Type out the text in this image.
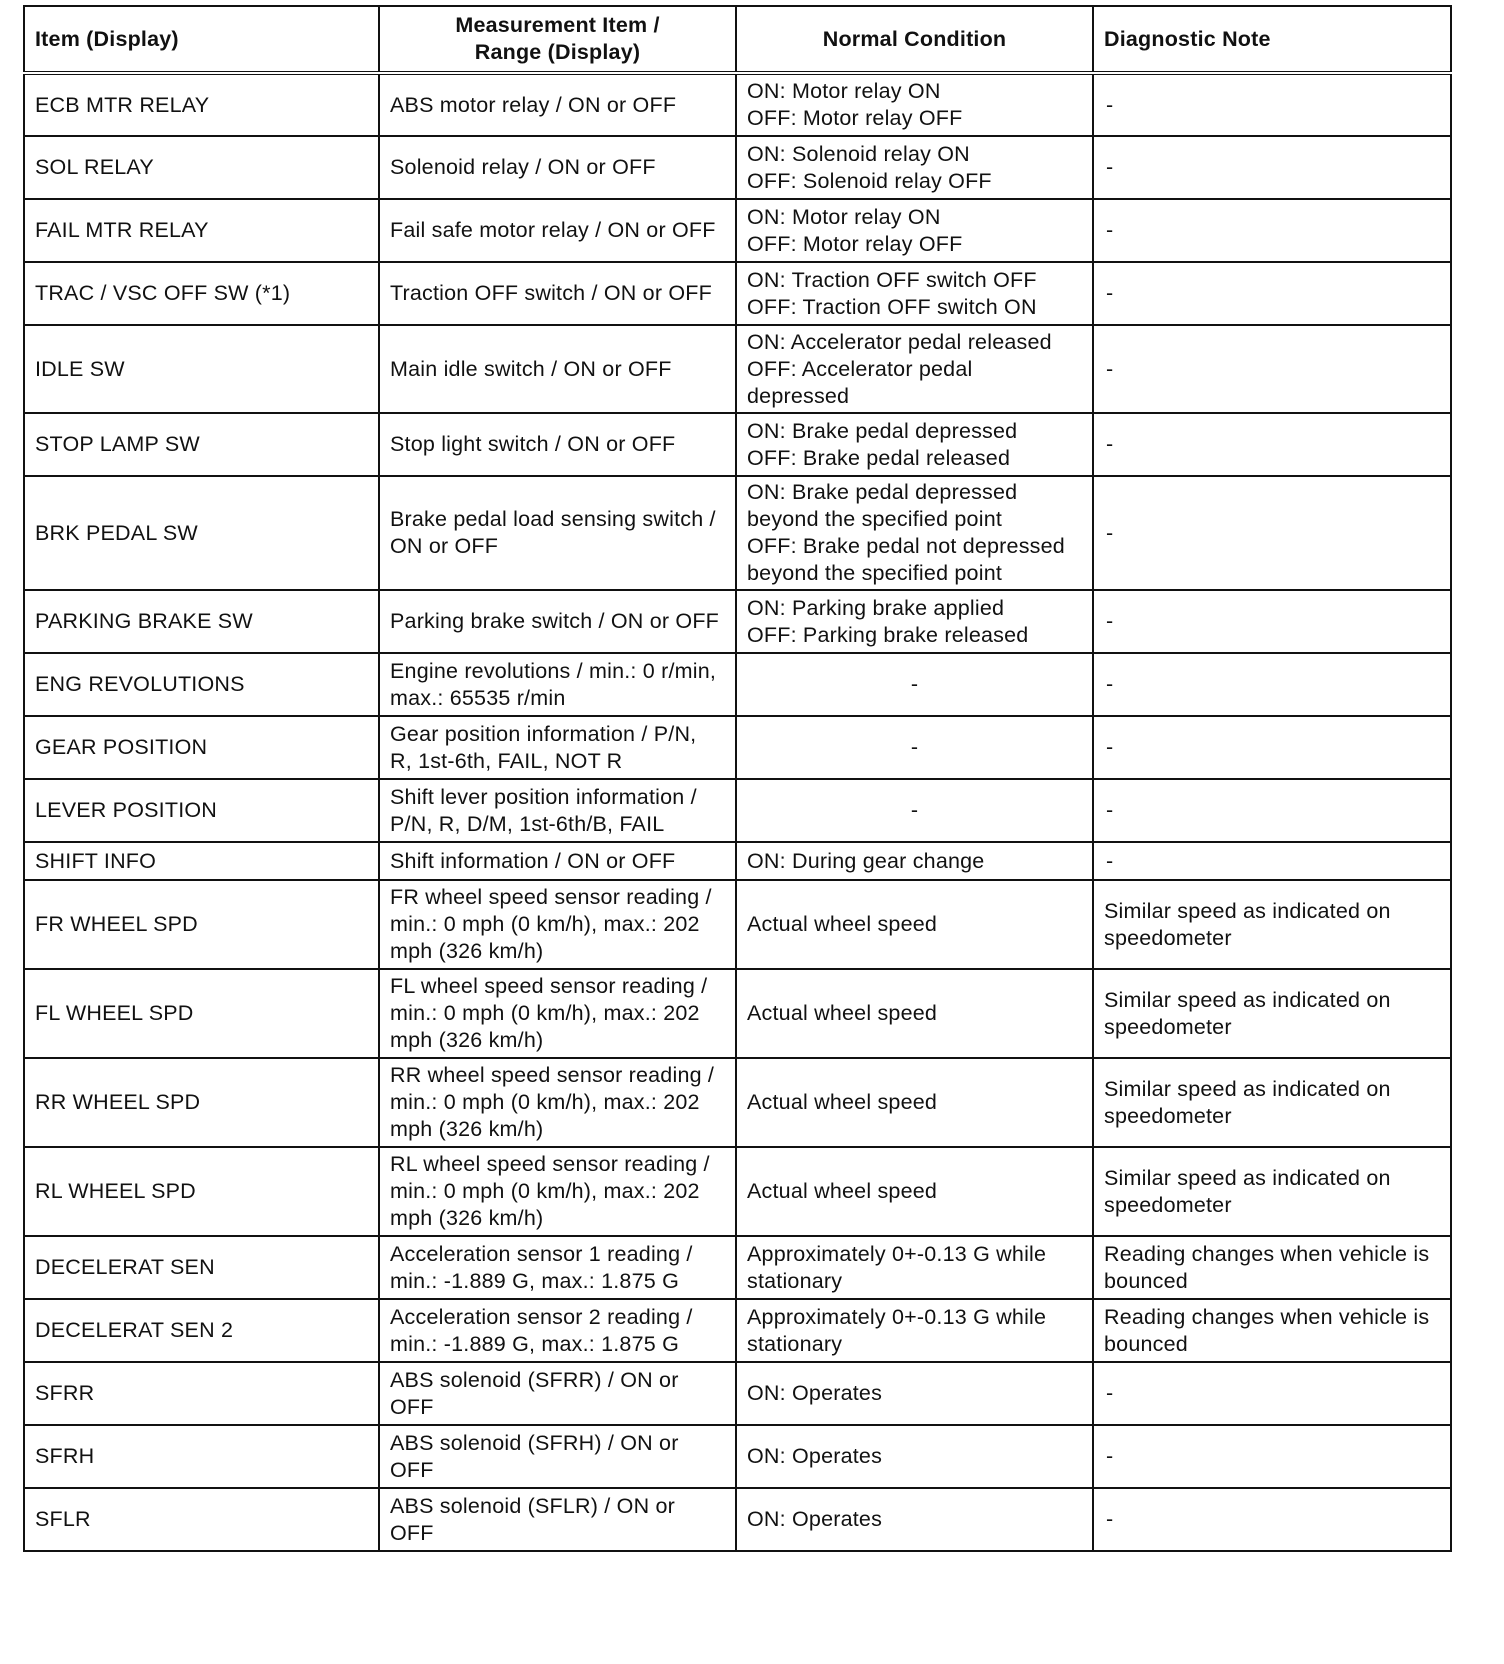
Item (Display)	Measurement Item /
Range (Display)	Normal Condition	Diagnostic Note
ECB MTR RELAY	ABS motor relay / ON or OFF	ON: Motor relay ON
OFF: Motor relay OFF	-
SOL RELAY	Solenoid relay / ON or OFF	ON: Solenoid relay ON
OFF: Solenoid relay OFF	-
FAIL MTR RELAY	Fail safe motor relay / ON or OFF	ON: Motor relay ON
OFF: Motor relay OFF	-
TRAC / VSC OFF SW (*1)	Traction OFF switch / ON or OFF	ON: Traction OFF switch OFF
OFF: Traction OFF switch ON	-
IDLE SW	Main idle switch / ON or OFF	ON: Accelerator pedal released
OFF: Accelerator pedal
depressed	-
STOP LAMP SW	Stop light switch / ON or OFF	ON: Brake pedal depressed
OFF: Brake pedal released	-
BRK PEDAL SW	Brake pedal load sensing switch /
ON or OFF	ON: Brake pedal depressed
beyond the specified point
OFF: Brake pedal not depressed
beyond the specified point	-
PARKING BRAKE SW	Parking brake switch / ON or OFF	ON: Parking brake applied
OFF: Parking brake released	-
ENG REVOLUTIONS	Engine revolutions / min.: 0 r/min,
max.: 65535 r/min	-	-
GEAR POSITION	Gear position information / P/N,
R, 1st-6th, FAIL, NOT R	-	-
LEVER POSITION	Shift lever position information /
P/N, R, D/M, 1st-6th/B, FAIL	-	-
SHIFT INFO	Shift information / ON or OFF	ON: During gear change	-
FR WHEEL SPD	FR wheel speed sensor reading /
min.: 0 mph (0 km/h), max.: 202
mph (326 km/h)	Actual wheel speed	Similar speed as indicated on
speedometer
FL WHEEL SPD	FL wheel speed sensor reading /
min.: 0 mph (0 km/h), max.: 202
mph (326 km/h)	Actual wheel speed	Similar speed as indicated on
speedometer
RR WHEEL SPD	RR wheel speed sensor reading /
min.: 0 mph (0 km/h), max.: 202
mph (326 km/h)	Actual wheel speed	Similar speed as indicated on
speedometer
RL WHEEL SPD	RL wheel speed sensor reading /
min.: 0 mph (0 km/h), max.: 202
mph (326 km/h)	Actual wheel speed	Similar speed as indicated on
speedometer
DECELERAT SEN	Acceleration sensor 1 reading /
min.: -1.889 G, max.: 1.875 G	Approximately 0+-0.13 G while
stationary	Reading changes when vehicle is
bounced
DECELERAT SEN 2	Acceleration sensor 2 reading /
min.: -1.889 G, max.: 1.875 G	Approximately 0+-0.13 G while
stationary	Reading changes when vehicle is
bounced
SFRR	ABS solenoid (SFRR) / ON or
OFF	ON: Operates	-
SFRH	ABS solenoid (SFRH) / ON or
OFF	ON: Operates	-
SFLR	ABS solenoid (SFLR) / ON or
OFF	ON: Operates	-
